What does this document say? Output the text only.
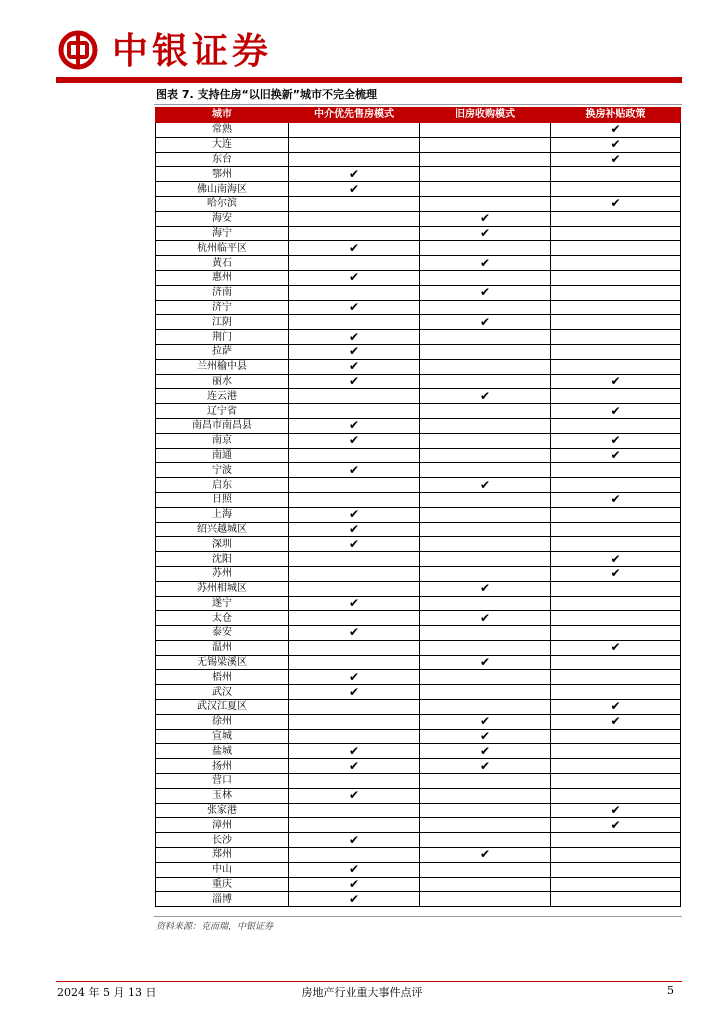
中银证券
图表 7. 支持住房“以旧换新”城市不完全梳理
城市	中介优先售房模式	旧房收购模式	换房补贴政策
常熟			✔
大连			✔
东台			✔
鄂州	✔		
佛山南海区	✔		
哈尔滨			✔
海安		✔	
海宁		✔	
杭州临平区	✔		
黄石		✔	
惠州	✔		
济南		✔	
济宁	✔		
江阴		✔	
荆门	✔		
拉萨	✔		
兰州榆中县	✔		
丽水	✔		✔
连云港		✔	
辽宁省			✔
南昌市南昌县	✔		
南京	✔		✔
南通			✔
宁波	✔		
启东		✔	
日照			✔
上海	✔		
绍兴越城区	✔		
深圳	✔		
沈阳			✔
苏州			✔
苏州相城区		✔	
遂宁	✔		
太仓		✔	
泰安	✔		
温州			✔
无锡梁溪区		✔	
梧州	✔		
武汉	✔		
武汉江夏区			✔
徐州		✔	✔
宣城		✔	
盐城	✔	✔	
扬州	✔	✔	
营口			
玉林	✔		
张家港			✔
漳州			✔
长沙	✔		
郑州		✔	
中山	✔		
重庆	✔		
淄博	✔		
资料来源：克而瑞，中银证券
2024 年 5 月 13 日	房地产行业重大事件点评	5
